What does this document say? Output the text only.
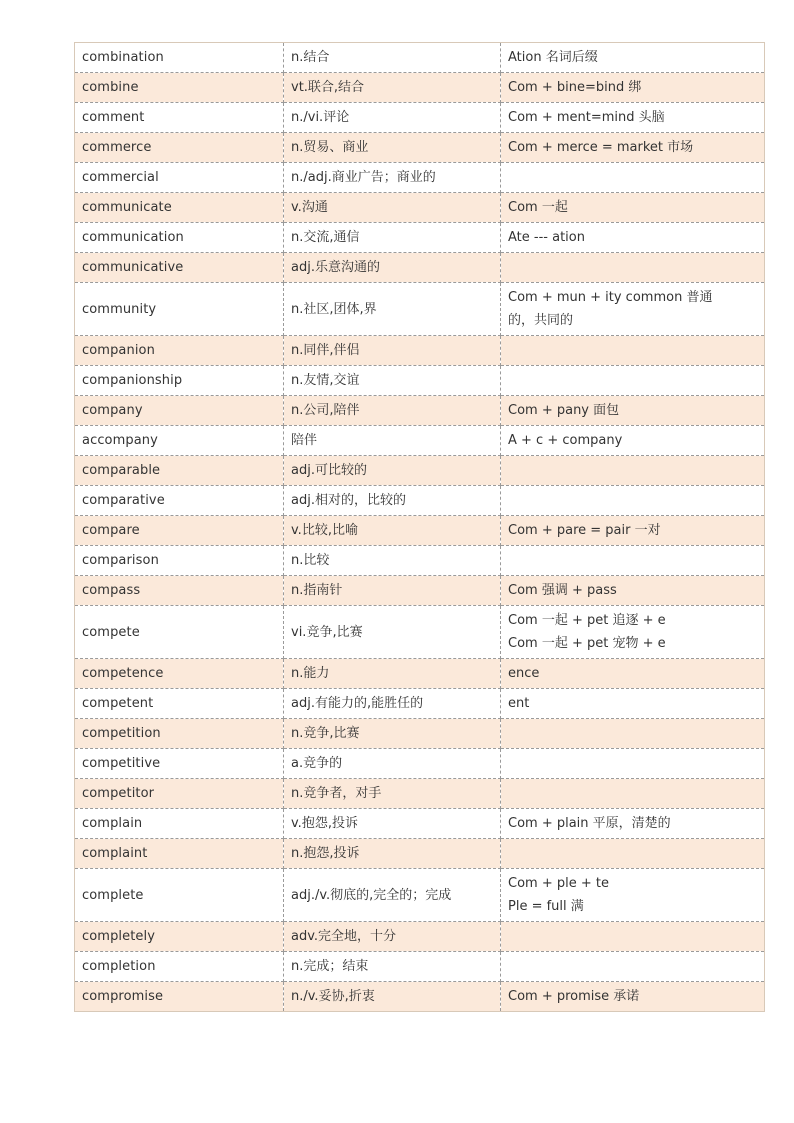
combination	n.结合	Ation 名词后缀

combine	vt.联合,结合	Com + bine=bind 绑

comment	n./vi.评论	Com + ment=mind 头脑

commerce	n.贸易、商业	Com + merce = market 市场

commercial	n./adj.商业广告；商业的	
communicate	v.沟通	Com 一起

communication	n.交流,通信	Ate --- ation

communicative	adj.乐意沟通的	
community	n.社区,团体,界	Com + mun + ity common 普通
的，共同的

companion	n.同伴,伴侣	
companionship	n.友情,交谊	
company	n.公司,陪伴	Com + pany 面包

accompany	陪伴	A + c + company

comparable	adj.可比较的	
comparative	adj.相对的，比较的	
compare	v.比较,比喻	Com + pare = pair 一对

comparison	n.比较	
compass	n.指南针	Com 强调 + pass

compete	vi.竞争,比赛	Com 一起 + pet 追逐 + e
Com 一起 + pet 宠物 + e

competence	n.能力	ence

competent	adj.有能力的,能胜任的	ent

competition	n.竞争,比赛	
competitive	a.竞争的	
competitor	n.竞争者，对手	
complain	v.抱怨,投诉	Com + plain 平原，清楚的

complaint	n.抱怨,投诉	
complete	adj./v.彻底的,完全的；完成	Com + ple + te
Ple = full 满

completely	adv.完全地，十分	
completion	n.完成；结束	
compromise	n./v.妥协,折衷	Com + promise 承诺
